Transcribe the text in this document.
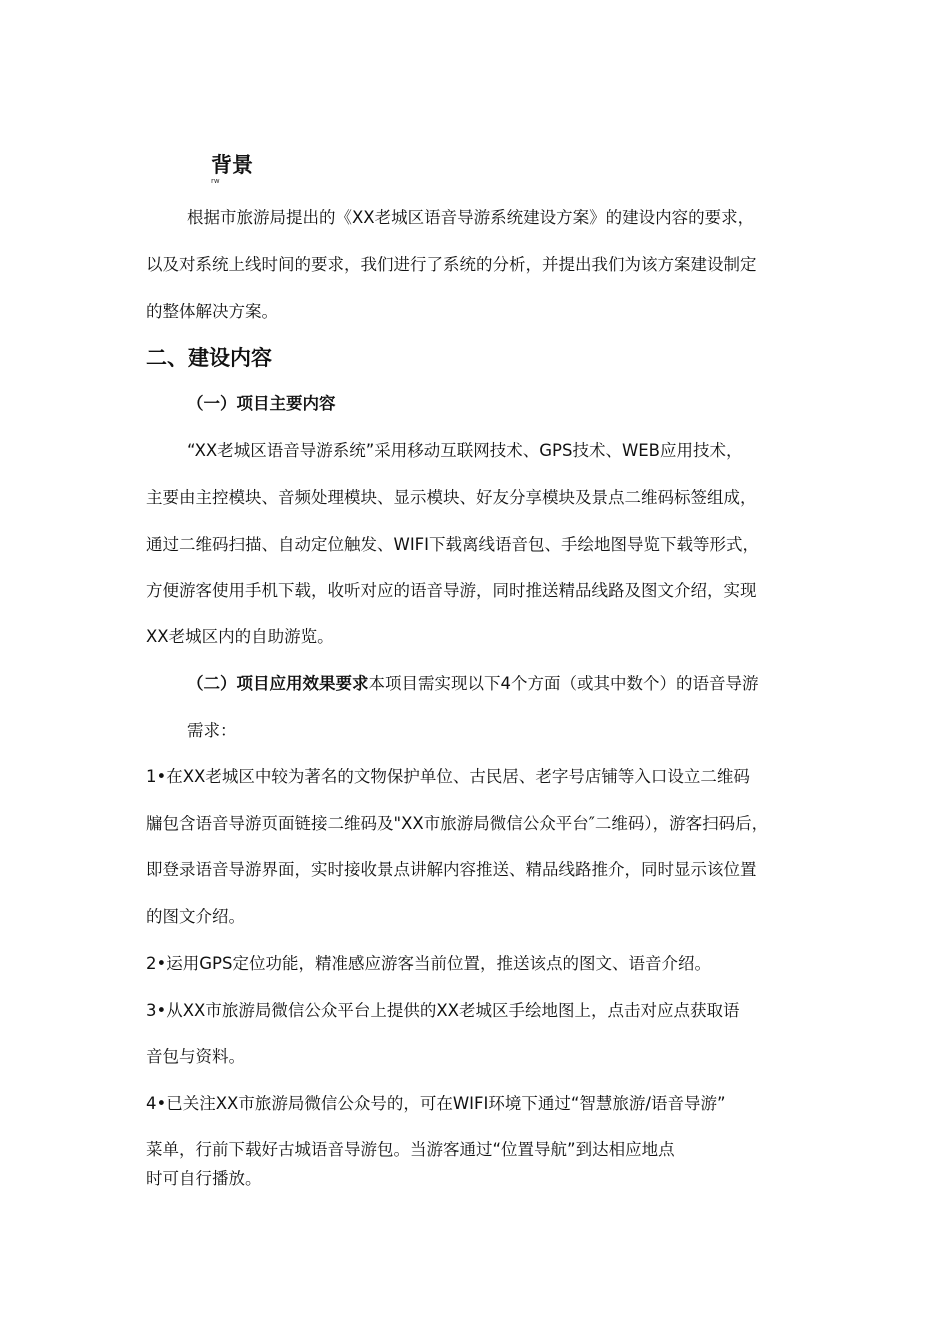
背景
rw
根据市旅游局提出的《XX老城区语音导游系统建设方案》的建设内容的要求，
以及对系统上线时间的要求，我们进行了系统的分析，并提出我们为该方案建设制定
的整体解决方案。
二、建设内容
（一）项目主要内容
“XX老城区语音导游系统”采用移动互联网技术、GPS技术、WEB应用技术，
主要由主控模块、音频处理模块、显示模块、好友分享模块及景点二维码标签组成，
通过二维码扫描、自动定位触发、WIFI下载离线语音包、手绘地图导览下载等形式，
方便游客使用手机下载，收听对应的语音导游，同时推送精品线路及图文介绍，实现
XX老城区内的自助游览。
（二）项目应用效果要求本项目需实现以下4个方面（或其中数个）的语音导游
需求：
1•在XX老城区中较为著名的文物保护单位、古民居、老字号店铺等入口设立二维码
牖包含语音导游页面链接二维码及"XX市旅游局微信公众平台″二维码），游客扫码后，
即登录语音导游界面，实时接收景点讲解内容推送、精品线路推介，同时显示该位置
的图文介绍。
2•运用GPS定位功能，精准感应游客当前位置，推送该点的图文、语音介绍。
3•从XX市旅游局微信公众平台上提供的XX老城区手绘地图上，点击对应点获取语
音包与资料。
4•已关注XX市旅游局微信公众号的，可在WIFI环境下通过“智慧旅游/语音导游”
菜单，行前下载好古城语音导游包。当游客通过“位置导航”到达相应地点
时可自行播放。
